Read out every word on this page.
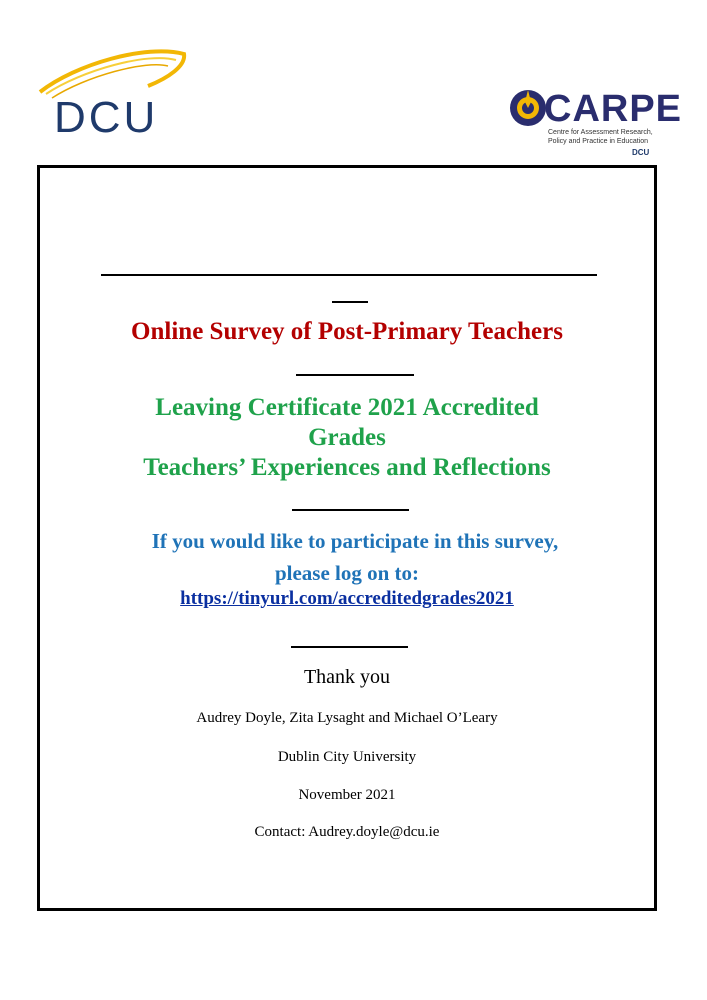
DCU	CARPE
Centre for Assessment Research,
Policy and Practice in Education
DCU
Online Survey of Post-Primary Teachers
Leaving Certificate 2021 Accredited
Grades
Teachers’ Experiences and Reflections
If you would like to participate in this survey,
please log on to:
https://tinyurl.com/accreditedgrades2021
Thank you
Audrey Doyle, Zita Lysaght and Michael O’Leary
Dublin City University
November 2021
Contact: Audrey.doyle@dcu.ie
